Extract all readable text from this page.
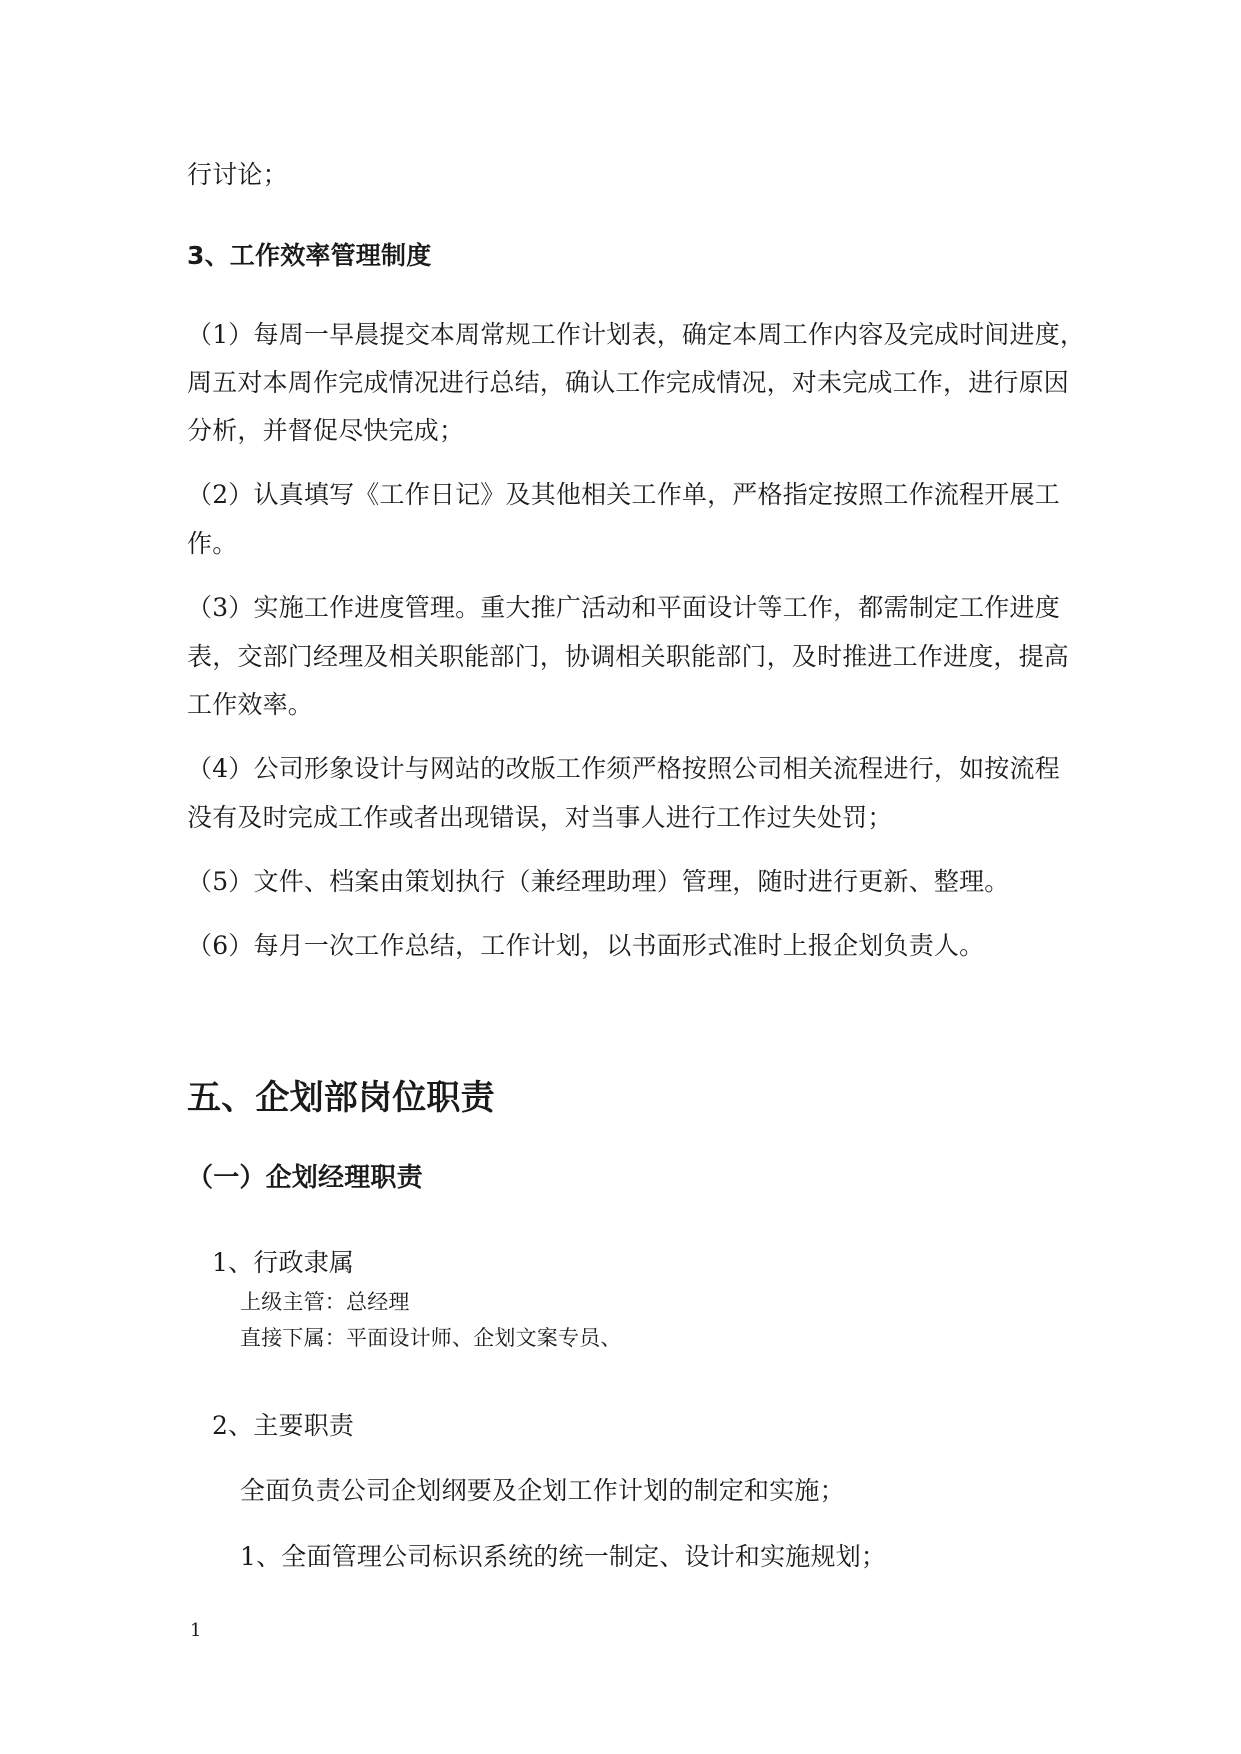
行讨论；
3、工作效率管理制度
（1）每周一早晨提交本周常规工作计划表，确定本周工作内容及完成时间进度，
周五对本周作完成情况进行总结，确认工作完成情况，对未完成工作，进行原因
分析，并督促尽快完成；
（2）认真填写《工作日记》及其他相关工作单，严格指定按照工作流程开展工
作。
（3）实施工作进度管理。重大推广活动和平面设计等工作，都需制定工作进度
表，交部门经理及相关职能部门，协调相关职能部门，及时推进工作进度，提高
工作效率。
（4）公司形象设计与网站的改版工作须严格按照公司相关流程进行，如按流程
没有及时完成工作或者出现错误，对当事人进行工作过失处罚；
（5）文件、档案由策划执行（兼经理助理）管理，随时进行更新、整理。
（6）每月一次工作总结，工作计划，以书面形式准时上报企划负责人。
五、企划部岗位职责
（一）企划经理职责
1、行政隶属
上级主管：总经理
直接下属：平面设计师、企划文案专员、
2、主要职责
全面负责公司企划纲要及企划工作计划的制定和实施；
1、全面管理公司标识系统的统一制定、设计和实施规划；
1
